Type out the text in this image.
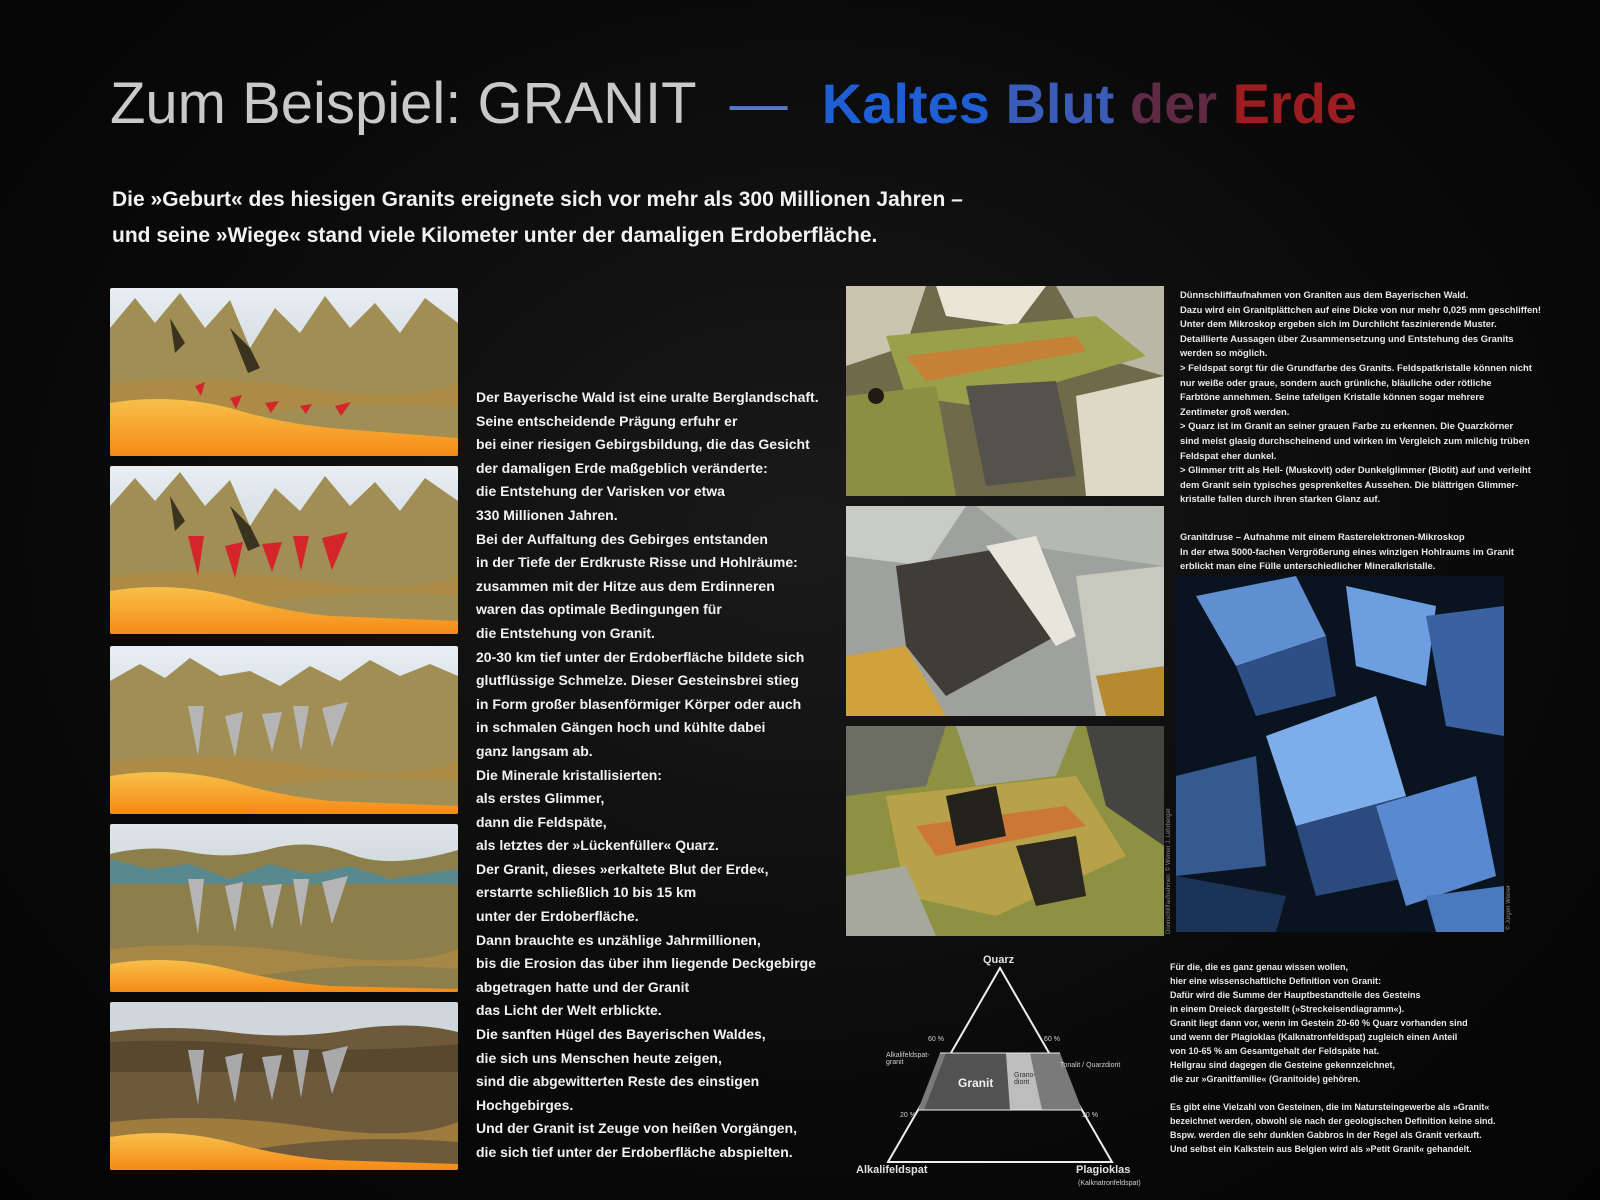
Zum Beispiel: GRANIT — Kaltes Blut der Erde

Die »Geburt« des hiesigen Granits ereignete sich vor mehr als 300 Millionen Jahren –

und seine »Wiege« stand viele Kilometer unter der damaligen Erdoberfläche.

Der Bayerische Wald ist eine uralte Berglandschaft.
Seine entscheidende Prägung erfuhr er
bei einer riesigen Gebirgsbildung, die das Gesicht
der damaligen Erde maßgeblich veränderte:
die Entstehung der Varisken vor etwa
330 Millionen Jahren.
Bei der Auffaltung des Gebirges entstanden
in der Tiefe der Erdkruste Risse und Hohlräume:
zusammen mit der Hitze aus dem Erdinneren
waren das optimale Bedingungen für
die Entstehung von Granit.
20-30 km tief unter der Erdoberfläche bildete sich
glutflüssige Schmelze. Dieser Gesteinsbrei stieg
in Form großer blasenförmiger Körper oder auch
in schmalen Gängen hoch und kühlte dabei
ganz langsam ab.
Die Minerale kristallisierten:
als erstes Glimmer,
dann die Feldspäte,
als letztes der »Lückenfüller« Quarz.
Der Granit, dieses »erkaltete Blut der Erde«,
erstarrte schließlich 10 bis 15 km
unter der Erdoberfläche.
Dann brauchte es unzählige Jahrmillionen,
bis die Erosion das über ihm liegende Deckgebirge
abgetragen hatte und der Granit
das Licht der Welt erblickte.
Die sanften Hügel des Bayerischen Waldes,
die sich uns Menschen heute zeigen,
sind die abgewitterten Reste des einstigen
Hochgebirges.
Und der Granit ist Zeuge von heißen Vorgängen,
die sich tief unter der Erdoberfläche abspielten.
Dünnschliffaufnahmen: © Werner J. Lehrberger
Dünnschliffaufnahmen von Graniten aus dem Bayerischen Wald.
Dazu wird ein Granitplättchen auf eine Dicke von nur mehr 0,025 mm geschliffen!
Unter dem Mikroskop ergeben sich im Durchlicht faszinierende Muster.
Detaillierte Aussagen über Zusammensetzung und Entstehung des Granits
werden so möglich.
> Feldspat sorgt für die Grundfarbe des Granits. Feldspatkristalle können nicht
nur weiße oder graue, sondern auch grünliche, bläuliche oder rötliche
Farbtöne annehmen. Seine tafeligen Kristalle können sogar mehrere
Zentimeter groß werden.
> Quarz ist im Granit an seiner grauen Farbe zu erkennen. Die Quarzkörner
sind meist glasig durchscheinend und wirken im Vergleich zum milchig trüben
Feldspat eher dunkel.
> Glimmer tritt als Hell- (Muskovit) oder Dunkelglimmer (Biotit) auf und verleiht
dem Granit sein typisches gesprenkeltes Aussehen. Die blättrigen Glimmer-
kristalle fallen durch ihren starken Glanz auf.
Granitdruse – Aufnahme mit einem Rasterelektronen-Mikroskop
In der etwa 5000-fachen Vergrößerung eines winzigen Hohlraums im Granit
erblickt man eine Fülle unterschiedlicher Mineralkristalle.
© Jürgen Weiner
Quarz
Alkalifeldspat	Plagioklas
(Kalknatronfeldspat)
Alkalifeldspat-granit	Tonalit / Quarzdiorit
Granit
Grano-diorit
60 %	60 %
20 %	20 %
Für die, die es ganz genau wissen wollen,
hier eine wissenschaftliche Definition von Granit:
Dafür wird die Summe der Hauptbestandteile des Gesteins
in einem Dreieck dargestellt (»Streckeisendiagramm«).
Granit liegt dann vor, wenn im Gestein 20-60 % Quarz vorhanden sind
und wenn der Plagioklas (Kalknatronfeldspat) zugleich einen Anteil
von 10-65 % am Gesamtgehalt der Feldspäte hat.
Hellgrau sind dagegen die Gesteine gekennzeichnet,
die zur »Granitfamilie« (Granitoide) gehören.

Es gibt eine Vielzahl von Gesteinen, die im Natursteingewerbe als »Granit«
bezeichnet werden, obwohl sie nach der geologischen Definition keine sind.
Bspw. werden die sehr dunklen Gabbros in der Regel als Granit verkauft.
Und selbst ein Kalkstein aus Belgien wird als »Petit Granit« gehandelt.
